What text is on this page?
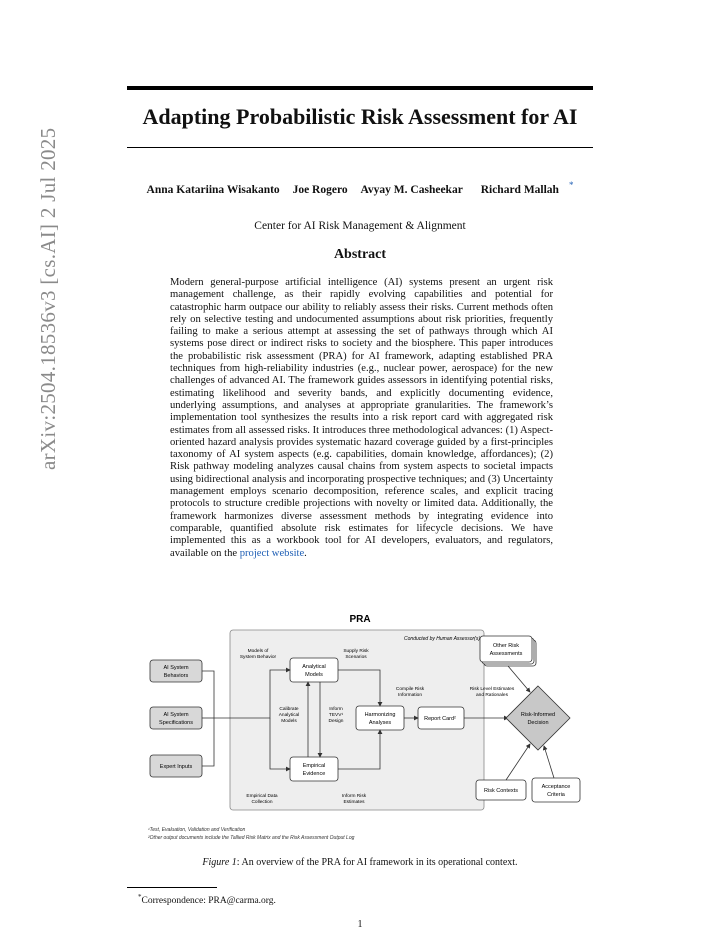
arXiv:2504.18536v3 [cs.AI] 2 Jul 2025
Adapting Probabilistic Risk Assessment for AI
Anna Katariina Wisakanto Joe Rogero Avyay M. Casheekar Richard Mallah *
Center for AI Risk Management & Alignment
Abstract
Modern general-purpose artificial intelligence (AI) systems present an urgent risk management challenge, as their rapidly evolving capabilities and potential for catastrophic harm outpace our ability to reliably assess their risks. Current methods often rely on selective testing and undocumented assumptions about risk priorities, frequently failing to make a serious attempt at assessing the set of pathways through which AI systems pose direct or indirect risks to society and the biosphere. This paper introduces the probabilistic risk assessment (PRA) for AI framework, adapting established PRA techniques from high-reliability industries (e.g., nuclear power, aerospace) for the new challenges of advanced AI. The framework guides assessors in identifying potential risks, estimating likelihood and severity bands, and explicitly documenting evidence, underlying assumptions, and analyses at appropriate granularities. The framework’s implementation tool synthesizes the results into a risk report card with aggregated risk estimates from all assessed risks. It introduces three methodological advances: (1) Aspect-oriented hazard analysis provides systematic hazard coverage guided by a first-principles taxonomy of AI system aspects (e.g. capabilities, domain knowledge, affordances); (2) Risk pathway modeling analyzes causal chains from system aspects to societal impacts using bidirectional analysis and incorporating prospective techniques; and (3) Uncertainty management employs scenario decomposition, reference scales, and explicit tracing protocols to structure credible projections with novelty or limited data. Additionally, the framework harmonizes diverse assessment methods by integrating evidence into comparable, quantified absolute risk estimates for lifecycle decisions. We have implemented this as a workbook tool for AI developers, evaluators, and regulators, available on the project website.
PRA
Conducted by Human Assessor(s)
AI System
Behaviors
AI System
Specifications
Expert Inputs
Analytical
Models
Empirical
Evidence
Harmonizing
Analyses
Report Card²
Models of
System Behavior
Supply Risk
Scenarios
Compile Risk
Information
Calibrate
Analytical
Models
Inform
TEVV¹
Design
Empirical Data
Collection
Inform Risk
Estimates
Risk Level Estimates
and Rationales
Other Risk
Assessments
Risk-Informed
Decision
Risk Contexts
Acceptance
Criteria
¹Test, Evaluation, Validation and Verification
²Other output documents include the Tallied Risk Matrix and the Risk Assessment Output Log
Figure 1: An overview of the PRA for AI framework in its operational context.
*Correspondence: PRA@carma.org.
1
